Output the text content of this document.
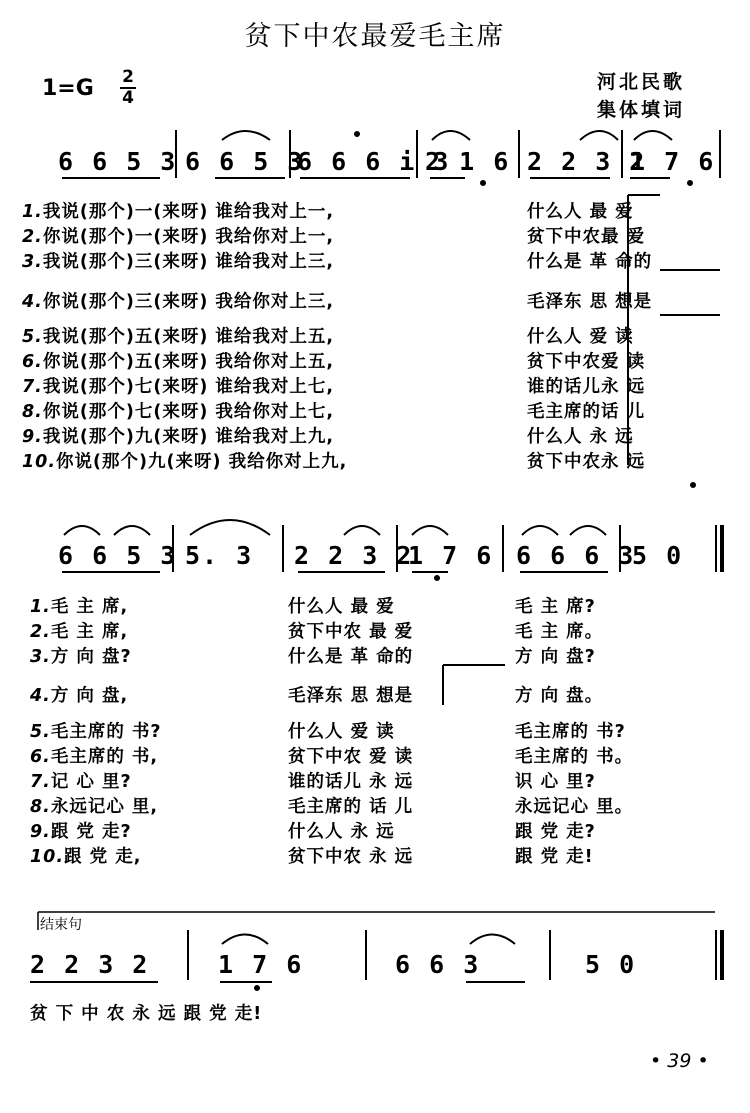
贫下中农最爱毛主席
1=G 2
4
河北民歌
集体填词
6 6 5 3 6 6 5 3
6 6 6 i 3
2 1 6 2 2 3 2
1 7 6
1.我说(那个)一(来呀) 谁给我对上一,	什么人 最 爱
2.你说(那个)一(来呀) 我给你对上一,	贫下中农最 爱
3.我说(那个)三(来呀) 谁给我对上三,	什么是 革 命的
4.你说(那个)三(来呀) 我给你对上三,	毛泽东 思 想是
5.我说(那个)五(来呀) 谁给我对上五,	什么人 爱 读
6.你说(那个)五(来呀) 我给你对上五,	贫下中农爱 读
7.我说(那个)七(来呀) 谁给我对上七,	谁的话儿永 远
8.你说(那个)七(来呀) 我给你对上七,	毛主席的话 儿
9.我说(那个)九(来呀) 谁给我对上九,	什么人 永 远
10.你说(那个)九(来呀) 我给你对上九,	贫下中农永 远
6 6 5 3 5. 3 2 2 3 2
1 7 6 6 6 6 3
5 0
1.毛 主 席,	什么人 最 爱	毛 主 席?
2.毛 主 席,	贫下中农 最 爱	毛 主 席。
3.方 向 盘?	什么是 革 命的	方 向 盘?
4.方 向 盘,	毛泽东 思 想是	方 向 盘。
5.毛主席的 书?	什么人 爱 读	毛主席的 书?
6.毛主席的 书,	贫下中农 爱 读	毛主席的 书。
7.记 心 里?	谁的话儿 永 远	识 心 里?
8.永远记心 里,	毛主席的 话 儿	永远记心 里。
9.跟 党 走?	什么人 永 远	跟 党 走?
10.跟 党 走,	贫下中农 永 远	跟 党 走!
结束句
2 2 3 2	1 7 6	6 6 3	5 0
贫 下 中 农 永 远 跟 党 走!
• 39 •
